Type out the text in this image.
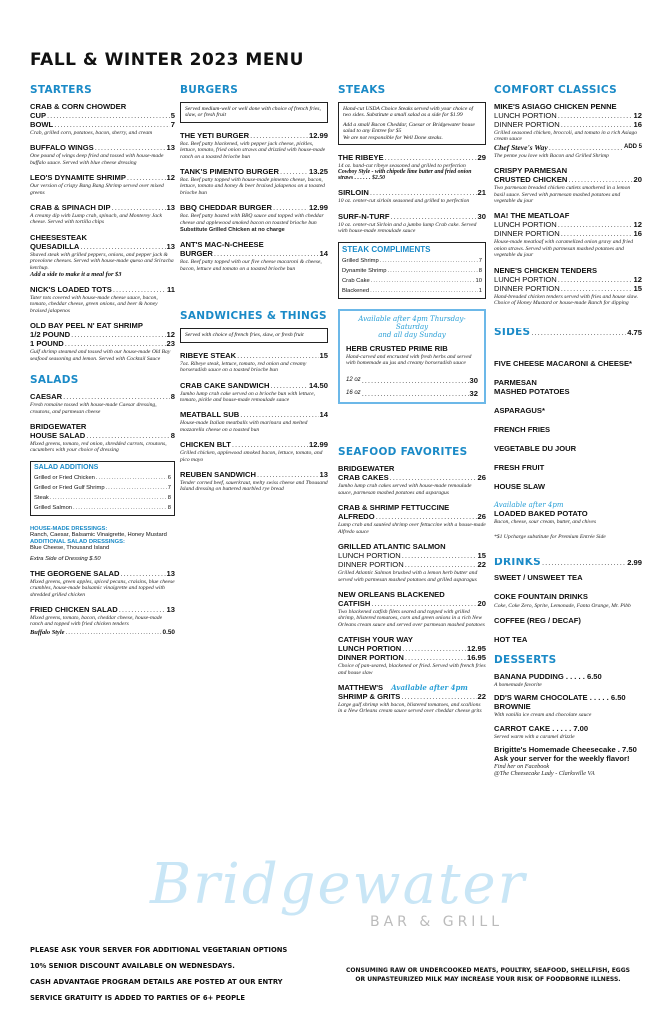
FALL & WINTER 2023 MENU
STARTERS
CRAB & CORN CHOWDER
CUP .....	5
BOWL .....	7
Crab, grilled corn, potatoes, bacon, sherry, and cream
BUFFALO WINGS .....	13
One pound of wings deep fried and tossed with house-made buffalo sauce. Served with blue cheese dressing
LEO'S DYNAMITE SHRIMP .....	12
Our version of crispy Bang Bang Shrimp served over mixed greens
CRAB & SPINACH DIP .....	13
A creamy dip with Lump crab, spinach, and Monterey Jack cheese. Served with tortilla chips
CHEESESTEAK
QUESADILLA .....	13
Shaved steak with grilled peppers, onions, and pepper jack & provolone cheeses. Served with house-made queso and Sriracha ketchup.
Add a side to make it a meal for $3
NICK'S LOADED TOTS .....	11
Tater tots covered with house-made cheese sauce, bacon, tomato, cheddar cheese, green onions, and beer & honey braised jalapenos
OLD BAY PEEL N' EAT SHRIMP
1/2 POUND .....	12
1 POUND .....	23
Gulf shrimp steamed and tossed with our house-made Old Bay seafood seasoning and lemon. Served with Cocktail Sauce
SALADS
CAESAR .....	8
Fresh romaine tossed with house-made Caesar dressing, croutons, and parmesan cheese
BRIDGEWATER
HOUSE SALAD .....	8
Mixed greens, tomato, red onion, shredded carrots, croutons, cucumbers with your choice of dressing
SALAD ADDITIONS
Grilled or Fried Chicken .....	6
Grilled or Fried Gulf Shrimp .....	7
Steak .....	8
Grilled Salmon .....	8
HOUSE-MADE DRESSINGS:
Ranch, Caesar, Balsamic Vinaigrette, Honey Mustard
ADDITIONAL SALAD DRESSINGS:
Blue Cheese, Thousand Island
Extra Side of Dressing $.50
THE GEORGENE SALAD .....	13
Mixed greens, green apples, spiced pecans, craisins, blue cheese crumbles, house-made balsamic vinaigrette and topped with shredded grilled chicken
FRIED CHICKEN SALAD .....	13
Mixed greens, tomato, bacon, cheddar cheese, house-made ranch and topped with fried chicken tenders
Buffalo Style .....	0.50
BURGERS
Served medium-well or well done with choice of french fries, slaw, or fresh fruit
THE YETI BURGER .....	12.99
8oz. Beef patty blackened, with pepper jack cheese, pickles, lettuce, tomato, fried onion straws and drizzled with house-made ranch on a toasted brioche bun
TANK'S PIMENTO BURGER .....	13.25
8oz. Beef patty topped with house-made pimento cheese, bacon, lettuce, tomato and honey & beer braised jalapenos on a toasted brioche bun
BBQ CHEDDAR BURGER .....	12.99
8oz. Beef patty basted with BBQ sauce and topped with cheddar cheese and applewood smoked bacon on toasted brioche bun
Substitute Grilled Chicken at no charge
ANT'S MAC-N-CHEESE
BURGER .....	14
8oz. Beef patty topped with our five cheese macaroni & cheese, bacon, lettuce and tomato on a toasted brioche bun
SANDWICHES & THINGS
Served with choice of french fries, slaw, or fresh fruit
RIBEYE STEAK .....	15
7oz. Ribeye steak, lettuce, tomato, red onion and creamy horseradish sauce on a toasted brioche bun
CRAB CAKE SANDWICH .....	14.50
Jumbo lump crab cake served on a brioche bun with lettuce, tomato, pickle and house-made remoulade sauce
MEATBALL SUB .....	14
House-made Italian meatballs with marinara and melted mozzarella cheese on a toasted bun
CHICKEN BLT .....	12.99
Grilled chicken, applewood smoked bacon, lettuce, tomato, and pico mayo
REUBEN SANDWICH .....	13
Tender corned beef, sauerkraut, melty swiss cheese and Thousand Island dressing on buttered marbled rye bread
STEAKS
Hand-cut USDA Choice Steaks served with your choice of two sides. Substitute a small salad as a side for $1.99
Add a small Bacon Cheddar, Caesar or Bridgewater house salad to any Entree for $5
We are not responsible for Well Done steaks.
THE RIBEYE .....	29
14 oz. hand-cut ribeye seasoned and grilled to perfection
Cowboy Style - with chipotle lime butter and fried onion straws . . . . . . $2.50
SIRLOIN .....	21
10 oz. center-cut sirloin seasoned and grilled to perfection
SURF-N-TURF .....	30
10 oz. center-cut Sirloin and a jumbo lump Crab cake. Served with house-made remoulade sauce
STEAK COMPLIMENTS
Grilled Shrimp .....	7
Dynamite Shrimp .....	8
Crab Cake .....	10
Blackened .....	1
Available after 4pm Thursday-Saturday
and all day Sunday
HERB CRUSTED PRIME RIB
Hand-carved and encrusted with fresh herbs and served with homemade au jus and creamy horseradish sauce
12 oz .....	30
16 oz .....	32
SEAFOOD FAVORITES
BRIDGEWATER
CRAB CAKES .....	26
Jumbo lump crab cakes served with house-made remoulade sauce, parmesan mashed potatoes and asparagus
CRAB & SHRIMP FETTUCCINE
ALFREDO .....	26
Lump crab and sautéed shrimp over fettuccine with a house-made Alfredo sauce
GRILLED ATLANTIC SALMON
LUNCH PORTION .....	15
DINNER PORTION .....	22
Grilled Atlantic Salmon brushed with a lemon herb butter and served with parmesan mashed potatoes and grilled asparagus
NEW ORLEANS BLACKENED
CATFISH .....	20
Two blackened catfish filets seared and topped with grilled shrimp, blistered tomatoes, corn and green onions in a rich New Orleans cream sauce and served over parmesan mashed potatoes
CATFISH YOUR WAY
LUNCH PORTION .....	12.95
DINNER PORTION .....	16.95
Choice of pan-seared, blackened or fried. Served with french fries and house slaw
MATTHEW'S Available after 4pm
SHRIMP & GRITS .....	22
Large gulf shrimp with bacon, blistered tomatoes, and scallions in a New Orleans cream sauce served over cheddar cheese grits
COMFORT CLASSICS
MIKE'S ASIAGO CHICKEN PENNE
LUNCH PORTION .....	12
DINNER PORTION .....	16
Grilled seasoned chicken, broccoli, and tomato in a rich Asiago cream sauce
Chef Steve's Way .....	ADD 5
The penne you love with Bacon and Grilled Shrimp
CRISPY PARMESAN
CRUSTED CHICKEN .....	20
Two parmesan breaded chicken cutlets smothered in a lemon basil sauce. Served with parmesan mashed potatoes and vegetable du jour
MA! THE MEATLOAF
LUNCH PORTION .....	12
DINNER PORTION .....	16
House-made meatloaf with caramelized onion gravy and fried onion straws. Served with parmesan mashed potatoes and vegetable du jour
NENE'S CHICKEN TENDERS
LUNCH PORTION .....	12
DINNER PORTION .....	15
Hand-breaded chicken tenders served with fries and house slaw. Choice of Honey Mustard or house-made Ranch for dipping
SIDES .....	4.75
FIVE CHEESE MACARONI & CHEESE*
PARMESAN
MASHED POTATOES
ASPARAGUS*
FRENCH FRIES
VEGETABLE DU JOUR
FRESH FRUIT
HOUSE SLAW
Available after 4pm
LOADED BAKED POTATO
Bacon, cheese, sour cream, butter, and chives
*$1 Upcharge substitute for Premium Entrée Side
DRINKS .....	2.99
SWEET / UNSWEET TEA
COKE FOUNTAIN DRINKS
Coke, Coke Zero, Sprite, Lemonade, Fanta Orange, Mr. Pibb
COFFEE (REG / DECAF)
HOT TEA
DESSERTS
BANANA PUDDING . . . . . 6.50
A homemade favorite
DD'S WARM CHOCOLATE . . . . . 6.50
BROWNIE
With vanilla ice cream and chocolate sauce
CARROT CAKE . . . . . 7.00
Served warm with a caramel drizzle
Brigitte's Homemade Cheesecake . 7.50
Ask your server for the weekly flavor!
Find her on Facebook
@The Cheesecake Lady - Clarksville VA
Bridgewater
BAR & GRILL
PLEASE ASK YOUR SERVER FOR ADDITIONAL VEGETARIAN OPTIONS
10% SENIOR DISCOUNT AVAILABLE ON WEDNESDAYS.
CASH ADVANTAGE PROGRAM DETAILS ARE POSTED AT OUR ENTRY
SERVICE GRATUITY IS ADDED TO PARTIES OF 6+ PEOPLE
CONSUMING RAW OR UNDERCOOKED MEATS, POULTRY, SEAFOOD, SHELLFISH, EGGS
OR UNPASTEURIZED MILK MAY INCREASE YOUR RISK OF FOODBORNE ILLNESS.
